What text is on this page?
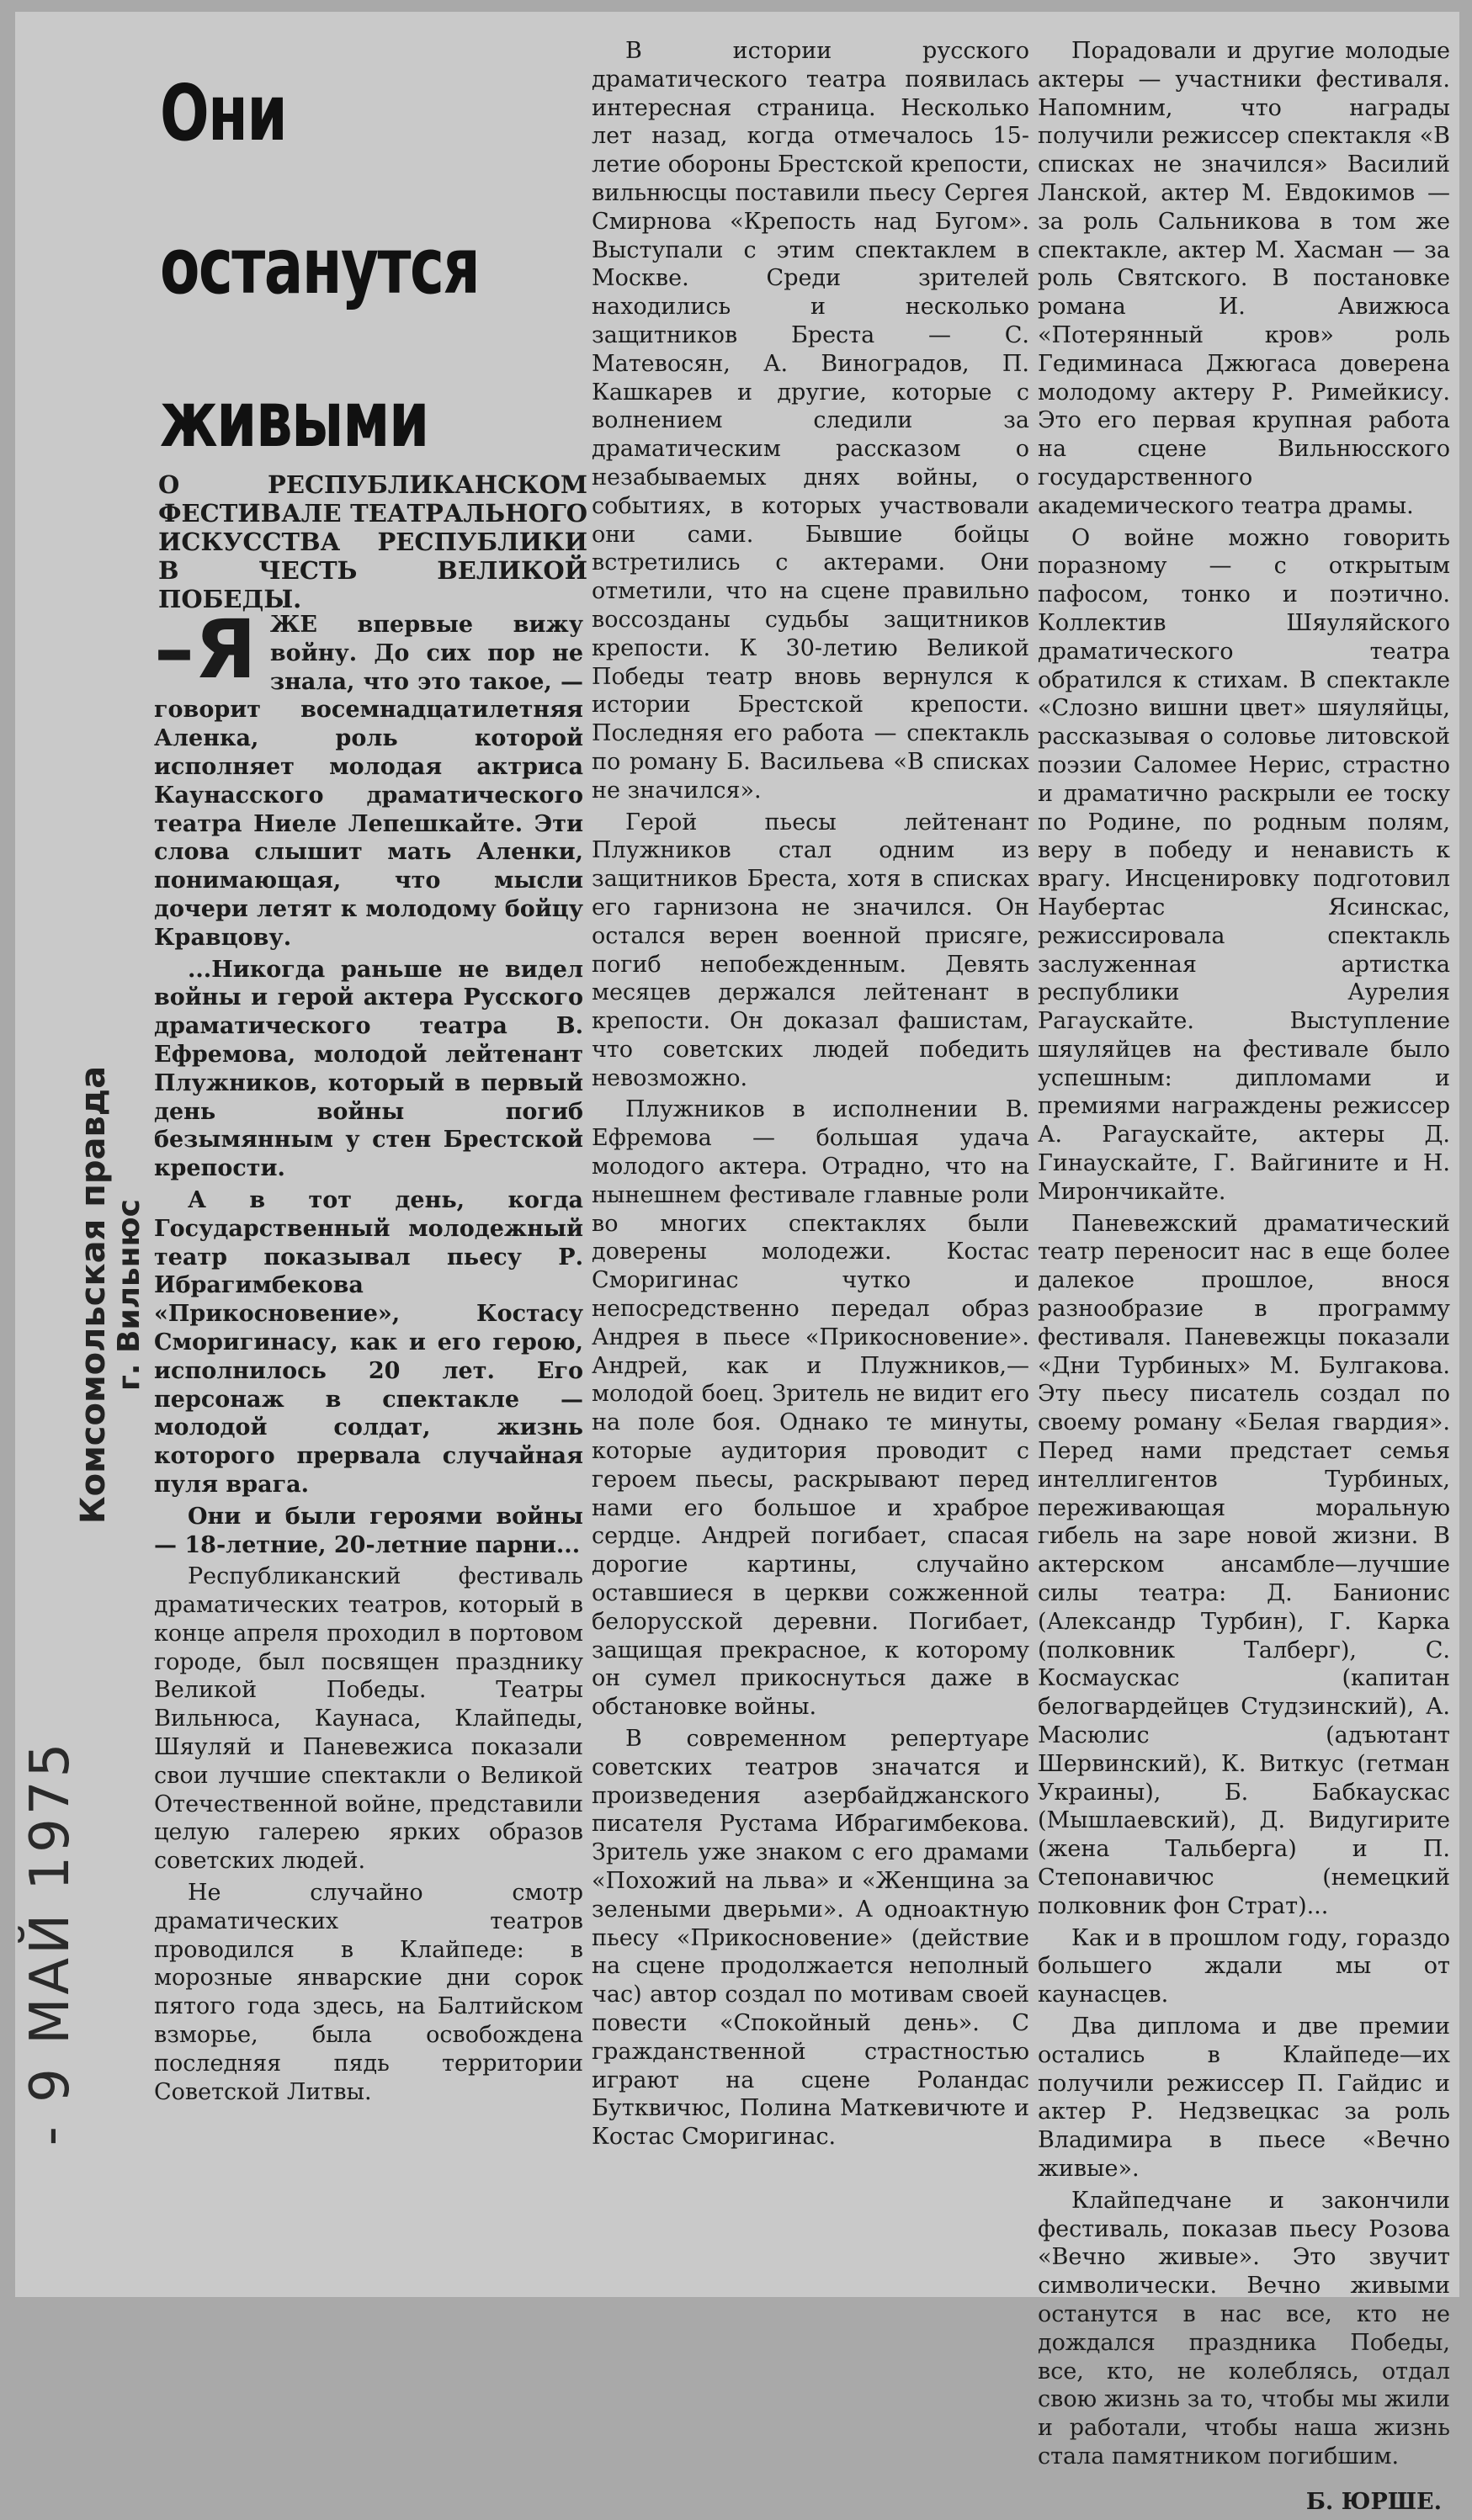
- 9 МАЙ 1975
Комсомольская правда г. Вильнюс
Они
останутся
живыми
О РЕСПУБЛИКАНСКОМ ФЕСТИВАЛЕ ТЕАТРАЛЬНОГО ИСКУССТВА РЕСПУБЛИКИ В ЧЕСТЬ ВЕЛИКОЙ ПОБЕДЫ.

–Я ЖЕ впервые вижу войну. До сих пор не знала, что это такое, — говорит восемнадцатилетняя Аленка, роль которой исполняет молодая актриса Каунасского драматического театра Ниеле Лепешкайте. Эти слова слышит мать Аленки, понимающая, что мысли дочери летят к молодому бойцу Кравцову.

...Никогда раньше не видел войны и герой актера Русского драматического театра В. Ефремова, молодой лейтенант Плужников, который в первый день войны погиб безымянным у стен Брестской крепости.

А в тот день, когда Государственный молодежный театр показывал пьесу Р. Ибрагимбекова «Прикосновение», Костасу Сморигинасу, как и его герою, исполнилось 20 лет. Его персонаж в спектакле — молодой солдат, жизнь которого прервала случайная пуля врага.

Они и были героями войны — 18-летние, 20-летние парни...

Республиканский фестиваль драматических театров, который в конце апреля проходил в портовом городе, был посвящен празднику Великой Победы. Театры Вильнюса, Каунаса, Клайпеды, Шяуляй и Паневежиса показали свои лучшие спектакли о Великой Отечественной войне, представили целую галерею ярких образов советских людей.

Не случайно смотр драматических театров проводился в Клайпеде: в морозные январские дни сорок пятого года здесь, на Балтийском взморье, была освобождена последняя пядь территории Советской Литвы.

В истории русского драматического театра появилась интересная страница. Несколько лет назад, когда отмечалось 15-летие обороны Брестской крепости, вильнюсцы поставили пьесу Сергея Смирнова «Крепость над Бугом». Выступали с этим спектаклем в Москве. Среди зрителей находились и несколько защитников Бреста — С. Матевосян, А. Виноградов, П. Кашкарев и другие, которые с волнением следили за драматическим рассказом о незабываемых днях войны, о событиях, в которых участвовали они сами. Бывшие бойцы встретились с актерами. Они отметили, что на сцене правильно воссозданы судьбы защитников крепости. К 30-летию Великой Победы театр вновь вернулся к истории Брестской крепости. Последняя его работа — спектакль по роману Б. Васильева «В списках не значился».

Герой пьесы лейтенант Плужников стал одним из защитников Бреста, хотя в списках его гарнизона не значился. Он остался верен военной присяге, погиб непобежденным. Девять месяцев держался лейтенант в крепости. Он доказал фашистам, что советских людей победить невозможно.

Плужников в исполнении В. Ефремова — большая удача молодого актера. Отрадно, что на нынешнем фестивале главные роли во многих спектаклях были доверены молодежи. Костас Сморигинас чутко и непосредственно передал образ Андрея в пьесе «Прикосновение». Андрей, как и Плужников,—молодой боец. Зритель не видит его на поле боя. Однако те минуты, которые аудитория проводит с героем пьесы, раскрывают перед нами его большое и храброе сердце. Андрей погибает, спасая дорогие картины, случайно оставшиеся в церкви сожженной белорусской деревни. Погибает, защищая прекрасное, к которому он сумел прикоснуться даже в обстановке войны.

В современном репертуаре советских театров значатся и произведения азербайджанского писателя Рустама Ибрагимбекова. Зритель уже знаком с его драмами «Похожий на льва» и «Женщина за зелеными дверьми». А одноактную пьесу «Прикосновение» (действие на сцене продолжается неполный час) автор создал по мотивам своей повести «Спокойный день». С гражданственной страстностью играют на сцене Роландас Бутквичюс, Полина Маткевичюте и Костас Сморигинас.

Порадовали и другие молодые актеры — участники фестиваля. Напомним, что награды получили режиссер спектакля «В списках не значился» Василий Ланской, актер М. Евдокимов — за роль Сальникова в том же спектакле, актер М. Хасман — за роль Святского. В постановке романа И. Авижюса «Потерянный кров» роль Гедиминаса Джюгаса доверена молодому актеру Р. Римейкису. Это его первая крупная работа на сцене Вильнюсского государственного академического театра драмы.

О войне можно говорить поразному — с открытым пафосом, тонко и поэтично. Коллектив Шяуляйского драматического театра обратился к стихам. В спектакле «Слозно вишни цвет» шяуляйцы, рассказывая о соловье литовской поэзии Саломее Нерис, страстно и драматично раскрыли ее тоску по Родине, по родным полям, веру в победу и ненависть к врагу. Инсценировку подготовил Наубертас Ясинскас, режиссировала спектакль заслуженная артистка республики Аурелия Рагаускайте. Выступление шяуляйцев на фестивале было успешным: дипломами и премиями награждены режиссер А. Рагаускайте, актеры Д. Гинаускайте, Г. Вайгините и Н. Мирончикайте.

Паневежский драматический театр переносит нас в еще более далекое прошлое, внося разнообразие в программу фестиваля. Паневежцы показали «Дни Турбиных» М. Булгакова. Эту пьесу писатель создал по своему роману «Белая гвардия». Перед нами предстает семья интеллигентов Турбиных, переживающая моральную гибель на заре новой жизни. В актерском ансамбле—лучшие силы театра: Д. Банионис (Александр Турбин), Г. Карка (полковник Талберг), С. Космаускас (капитан белогвардейцев Студзинский), А. Масюлис (адъютант Шервинский), К. Виткус (гетман Украины), Б. Бабкаускас (Мышлаевский), Д. Видугирите (жена Тальберга) и П. Степонавичюс (немецкий полковник фон Страт)...

Как и в прошлом году, гораздо большего ждали мы от каунасцев.

Два диплома и две премии остались в Клайпеде—их получили режиссер П. Гайдис и актер Р. Недзвецкас за роль Владимира в пьесе «Вечно живые».

Клайпедчане и закончили фестиваль, показав пьесу Розова «Вечно живые». Это звучит символически. Вечно живыми останутся в нас все, кто не дождался праздника Победы, все, кто, не колеблясь, отдал свою жизнь за то, чтобы мы жили и работали, чтобы наша жизнь стала памятником погибшим.

Б. ЮРШЕ.
